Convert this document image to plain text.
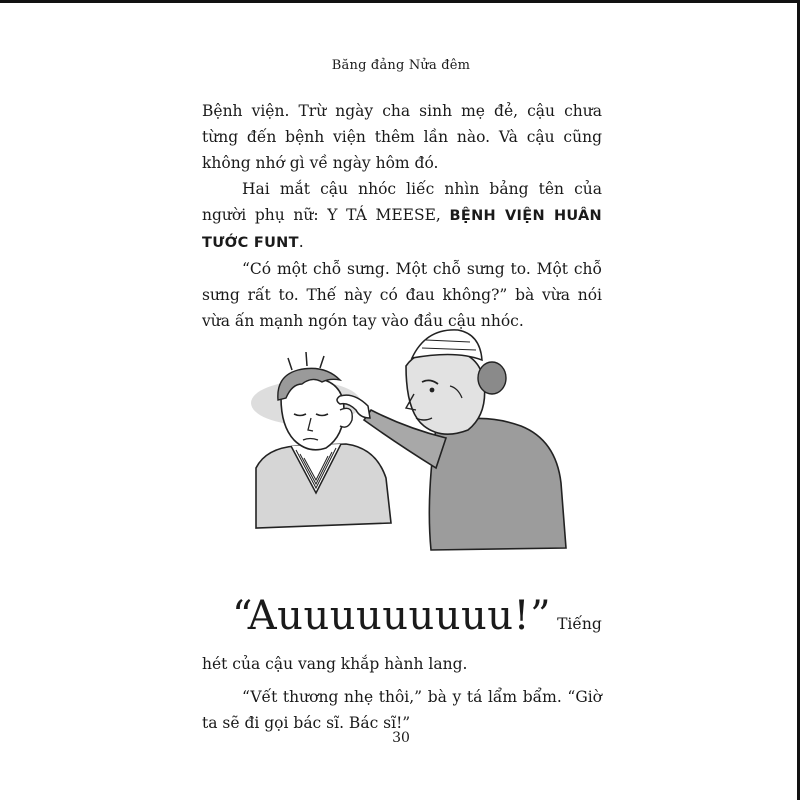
Băng đảng Nửa đêm

Bệnh viện. Trừ ngày cha sinh mẹ đẻ, cậu chưa từng đến bệnh viện thêm lần nào. Và cậu cũng không nhớ gì về ngày hôm đó.

Hai mắt cậu nhóc liếc nhìn bảng tên của người phụ nữ: Y TÁ MEESE, BỆNH VIỆN HUÂN TƯỚC FUNT.

“Có một chỗ sưng. Một chỗ sưng to. Một chỗ sưng rất to. Thế này có đau không?” bà vừa nói vừa ấn mạnh ngón tay vào đầu cậu nhóc.

“Auuuuuuuuu!” Tiếng hét của cậu vang khắp hành lang.

“Vết thương nhẹ thôi,” bà y tá lẩm bẩm. “Giờ ta sẽ đi gọi bác sĩ. Bác sĩ!”

30
